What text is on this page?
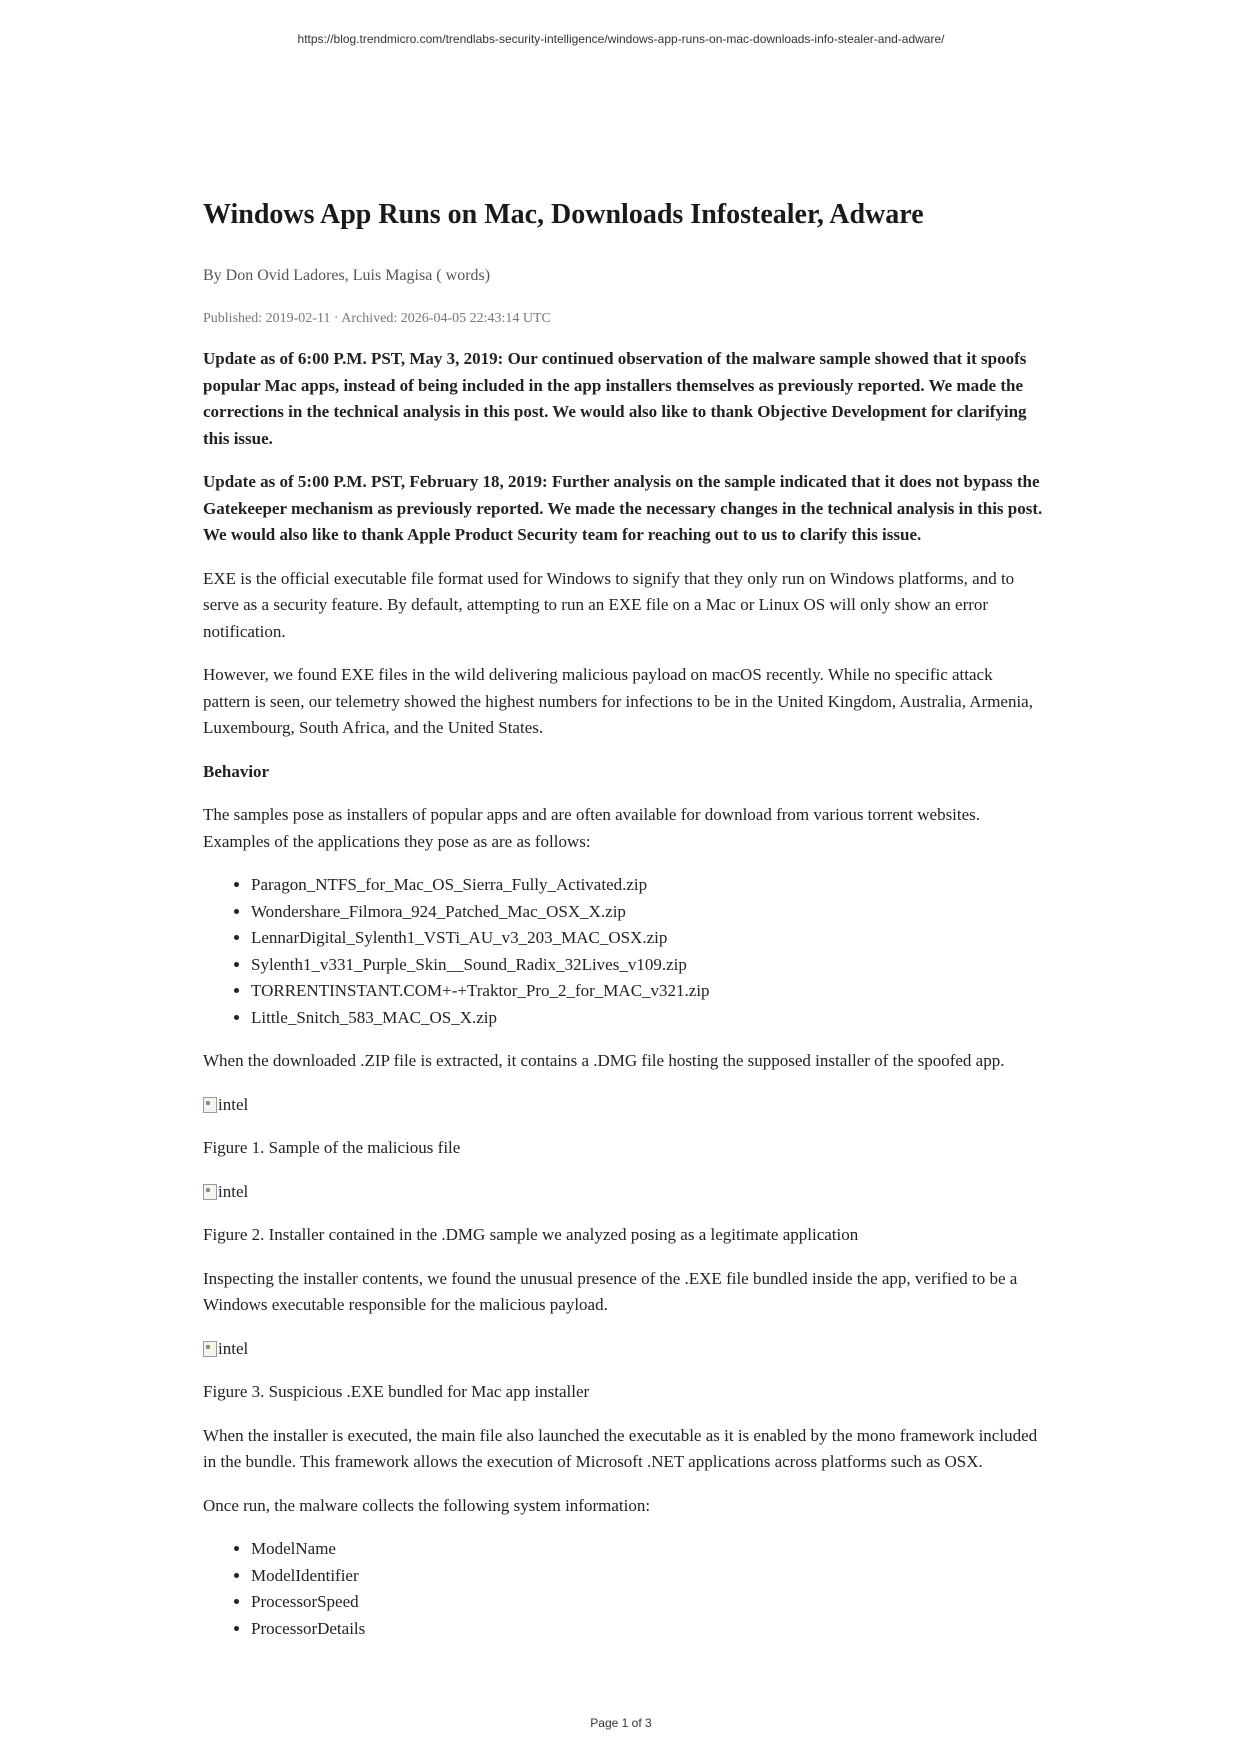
https://blog.trendmicro.com/trendlabs-security-intelligence/windows-app-runs-on-mac-downloads-info-stealer-and-adware/
Windows App Runs on Mac, Downloads Infostealer, Adware
By Don Ovid Ladores, Luis Magisa ( words)
Published: 2019-02-11 · Archived: 2026-04-05 22:43:14 UTC

Update as of 6:00 P.M. PST, May 3, 2019: Our continued observation of the malware sample showed that it spoofs popular Mac apps, instead of being included in the app installers themselves as previously reported. We made the corrections in the technical analysis in this post. We would also like to thank Objective Development for clarifying this issue.

Update as of 5:00 P.M. PST, February 18, 2019: Further analysis on the sample indicated that it does not bypass the Gatekeeper mechanism as previously reported. We made the necessary changes in the technical analysis in this post. We would also like to thank Apple Product Security team for reaching out to us to clarify this issue.

EXE is the official executable file format used for Windows to signify that they only run on Windows platforms, and to serve as a security feature. By default, attempting to run an EXE file on a Mac or Linux OS will only show an error notification.

However, we found EXE files in the wild delivering malicious payload on macOS recently. While no specific attack pattern is seen, our telemetry showed the highest numbers for infections to be in the United Kingdom, Australia, Armenia, Luxembourg, South Africa, and the United States.

Behavior

The samples pose as installers of popular apps and are often available for download from various torrent websites. Examples of the applications they pose as are as follows:

• Paragon_NTFS_for_Mac_OS_Sierra_Fully_Activated.zip
• Wondershare_Filmora_924_Patched_Mac_OSX_X.zip
• LennarDigital_Sylenth1_VSTi_AU_v3_203_MAC_OSX.zip
• Sylenth1_v331_Purple_Skin__Sound_Radix_32Lives_v109.zip
• TORRENTINSTANT.COM+-+Traktor_Pro_2_for_MAC_v321.zip
• Little_Snitch_583_MAC_OS_X.zip

When the downloaded .ZIP file is extracted, it contains a .DMG file hosting the supposed installer of the spoofed app.

intel

Figure 1. Sample of the malicious file

intel

Figure 2. Installer contained in the .DMG sample we analyzed posing as a legitimate application

Inspecting the installer contents, we found the unusual presence of the .EXE file bundled inside the app, verified to be a Windows executable responsible for the malicious payload.

intel

Figure 3. Suspicious .EXE bundled for Mac app installer

When the installer is executed, the main file also launched the executable as it is enabled by the mono framework included in the bundle. This framework allows the execution of Microsoft .NET applications across platforms such as OSX.

Once run, the malware collects the following system information:

• ModelName
• ModelIdentifier
• ProcessorSpeed
• ProcessorDetails
Page 1 of 3
